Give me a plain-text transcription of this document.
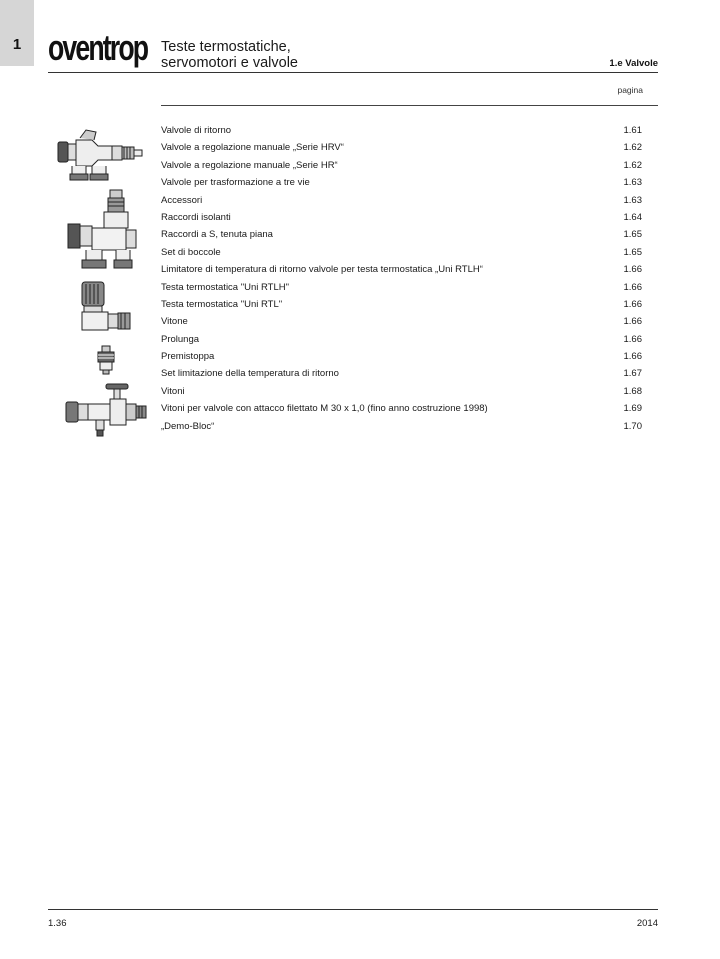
1 oventrop Teste termostatiche,
servomotori e valvole	1.e Valvole
pagina
Valvole di ritorno	1.61
Valvole a regolazione manuale „Serie HRV“	1.62
Valvole a regolazione manuale „Serie HR“	1.62
Valvole per trasformazione a tre vie	1.63
Accessori	1.63
Raccordi isolanti	1.64
Raccordi a S, tenuta piana	1.65
Set di boccole	1.65
Limitatore di temperatura di ritorno valvole per testa termostatica „Uni RTLH“	1.66
Testa termostatica "Uni RTLH"	1.66
Testa termostatica "Uni RTL"	1.66
Vitone	1.66
Prolunga	1.66
Premistoppa	1.66
Set limitazione della temperatura di ritorno	1.67
Vitoni	1.68
Vitoni per valvole con attacco filettato M 30 x 1,0 (fino anno costruzione 1998)	1.69
„Demo-Bloc“	1.70
1.36	2014
